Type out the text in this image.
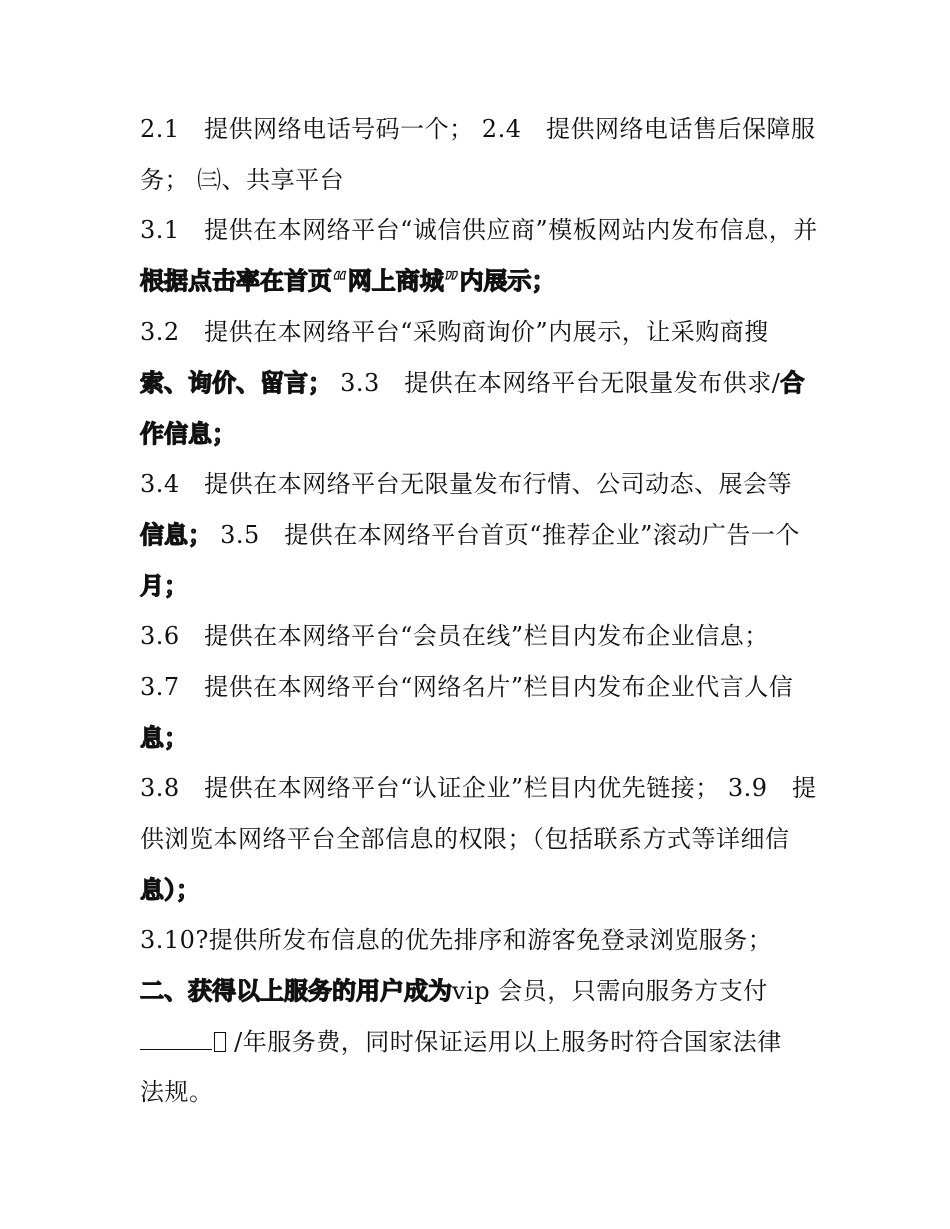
2.1　提供网络电话号码一个； 2.4　提供网络电话售后保障服
务； ㈢、共享平台
3.1　提供在本网络平台“诚信供应商”模板网站内发布信息，并
根据点击率在首页“网上商城”内展示；
3.2　提供在本网络平台“采购商询价”内展示，让采购商搜
索、询价、留言； 3.3　提供在本网络平台无限量发布供求/合
作信息；
3.4　提供在本网络平台无限量发布行情、公司动态、展会等
信息； 3.5　提供在本网络平台首页“推荐企业”滚动广告一个
月；
3.6　提供在本网络平台“会员在线”栏目内发布企业信息；
3.7　提供在本网络平台“网络名片”栏目内发布企业代言人信
息；
3.8　提供在本网络平台“认证企业”栏目内优先链接； 3.9　提
供浏览本网络平台全部信息的权限；（包括联系方式等详细信
息）；
3.10?提供所发布信息的优先排序和游客免登录浏览服务；
二、获得以上服务的用户成为vip 会员，只需向服务方支付
/年服务费，同时保证运用以上服务时符合国家法律
法规。
